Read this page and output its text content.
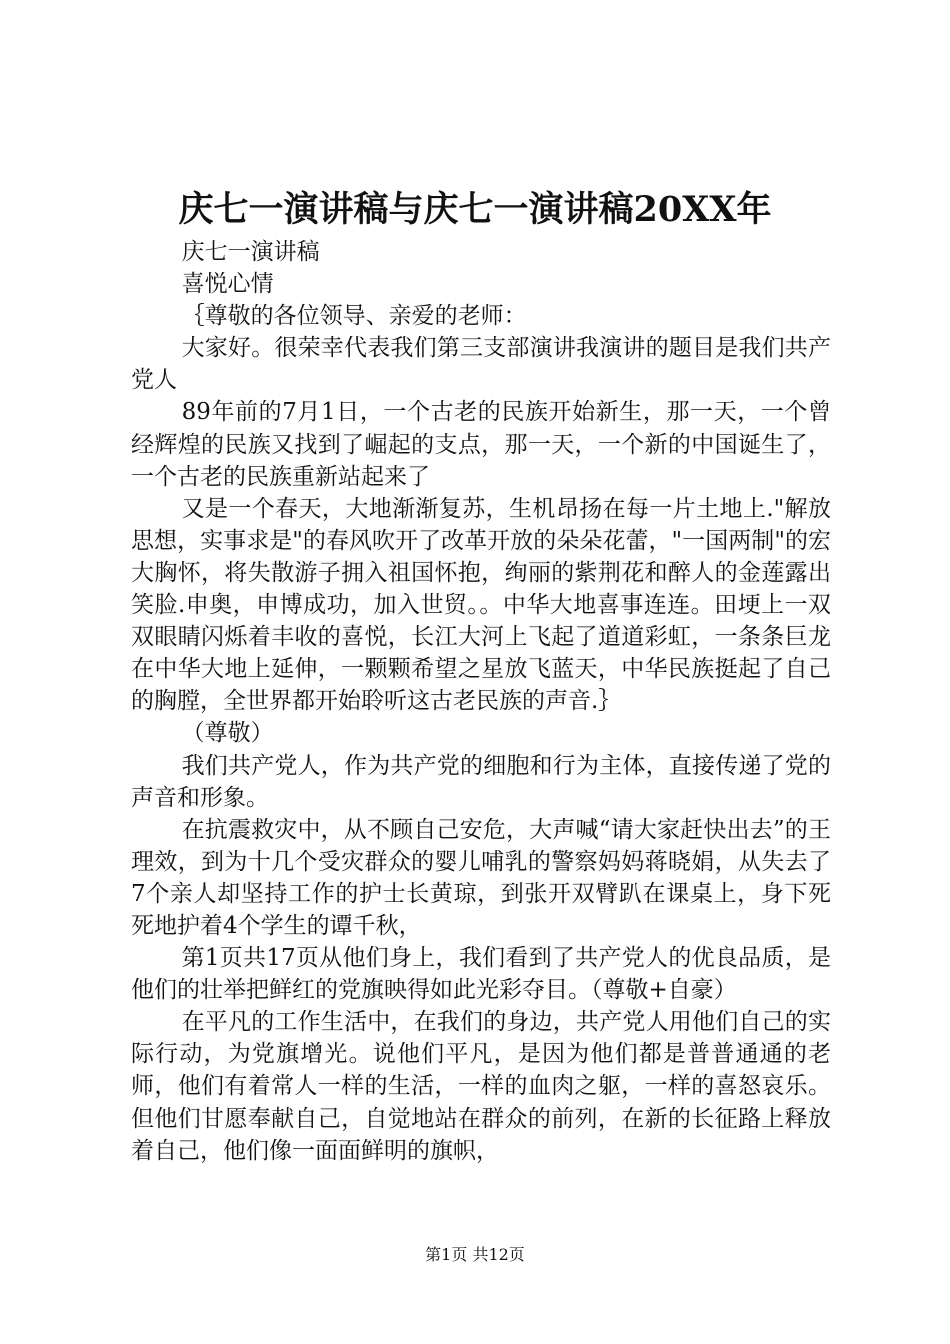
庆七一演讲稿与庆七一演讲稿20XX年

庆七一演讲稿

喜悦心情

｛尊敬的各位领导、亲爱的老师：

大家好。很荣幸代表我们第三支部演讲我演讲的题目是我们共产党人

89年前的7月1日，一个古老的民族开始新生，那一天，一个曾经辉煌的民族又找到了崛起的支点，那一天，一个新的中国诞生了，一个古老的民族重新站起来了

又是一个春天，大地渐渐复苏，生机昂扬在每一片土地上."解放思想，实事求是"的春风吹开了改革开放的朵朵花蕾，"一国两制"的宏大胸怀，将失散游子拥入祖国怀抱，绚丽的紫荆花和醉人的金莲露出笑脸.申奥，申博成功，加入世贸。。中华大地喜事连连。田埂上一双双眼睛闪烁着丰收的喜悦，长江大河上飞起了道道彩虹，一条条巨龙在中华大地上延伸，一颗颗希望之星放飞蓝天，中华民族挺起了自己的胸膛，全世界都开始聆听这古老民族的声音.｝

（尊敬）

我们共产党人，作为共产党的细胞和行为主体，直接传递了党的声音和形象。

在抗震救灾中，从不顾自己安危，大声喊“请大家赶快出去”的王理效，到为十几个受灾群众的婴儿哺乳的警察妈妈蒋晓娟，从失去了7个亲人却坚持工作的护士长黄琼，到张开双臂趴在课桌上，身下死死地护着4个学生的谭千秋，

第1页共17页从他们身上，我们看到了共产党人的优良品质，是他们的壮举把鲜红的党旗映得如此光彩夺目。（尊敬+自豪）

在平凡的工作生活中，在我们的身边，共产党人用他们自己的实际行动，为党旗增光。说他们平凡，是因为他们都是普普通通的老师，他们有着常人一样的生活，一样的血肉之躯，一样的喜怒哀乐。但他们甘愿奉献自己，自觉地站在群众的前列，在新的长征路上释放着自己，他们像一面面鲜明的旗帜，

第1页 共12页
